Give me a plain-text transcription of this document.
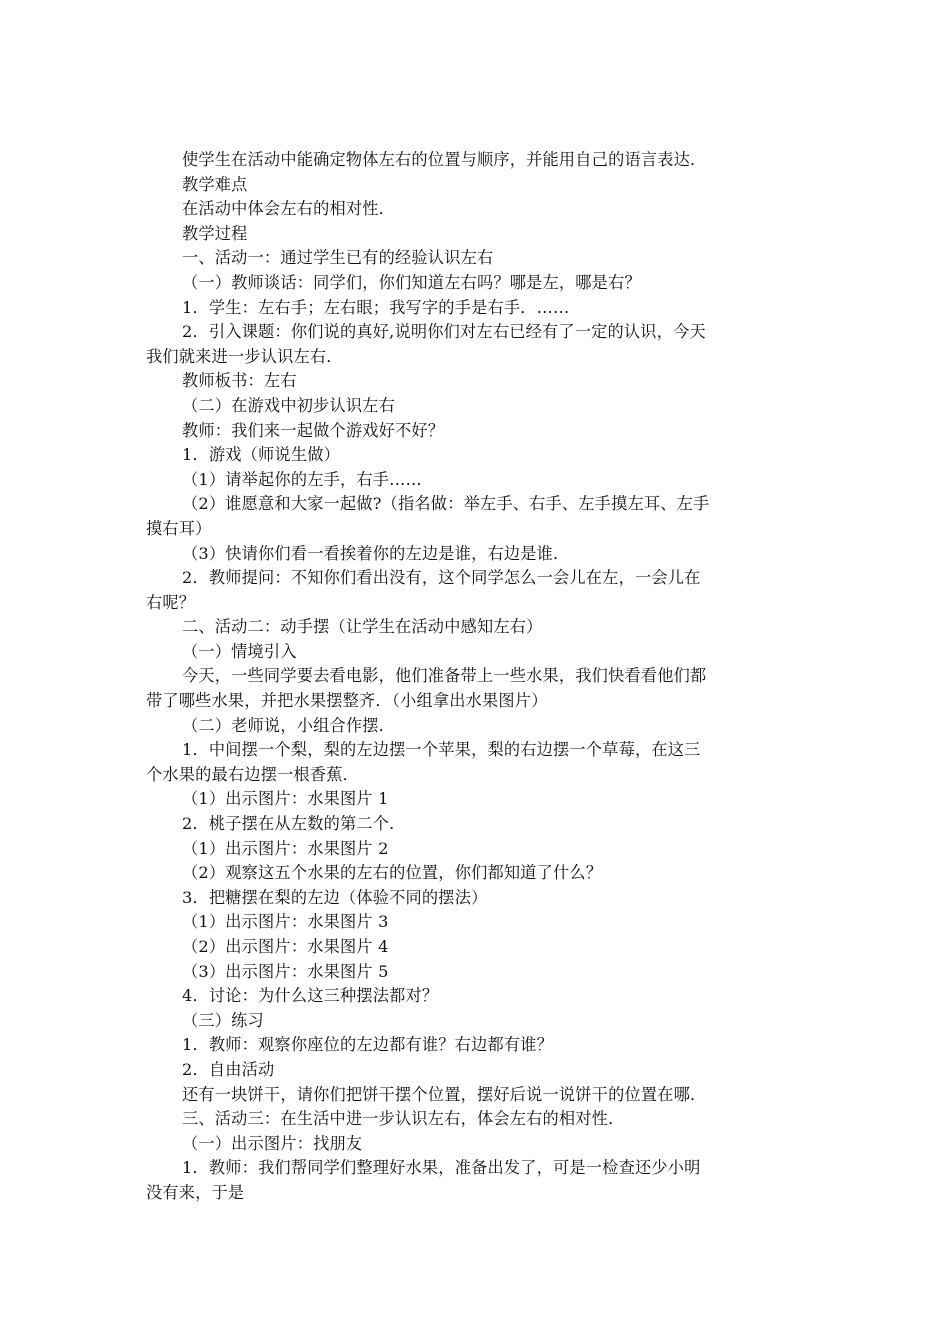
使学生在活动中能确定物体左右的位置与顺序，并能用自己的语言表达．
教学难点
在活动中体会左右的相对性．
教学过程
一、活动一：通过学生已有的经验认识左右
（一）教师谈话：同学们，你们知道左右吗？哪是左，哪是右？
1．学生：左右手；左右眼；我写字的手是右手．……
2．引入课题：你们说的真好,说明你们对左右已经有了一定的认识，今天
我们就来进一步认识左右．
教师板书：左右
（二）在游戏中初步认识左右
教师：我们来一起做个游戏好不好？
1．游戏（师说生做）
（1）请举起你的左手，右手……
（2）谁愿意和大家一起做?（指名做：举左手、右手、左手摸左耳、左手
摸右耳）
（3）快请你们看一看挨着你的左边是谁，右边是谁．
2．教师提问：不知你们看出没有，这个同学怎么一会儿在左，一会儿在
右呢？
二、活动二：动手摆（让学生在活动中感知左右）
（一）情境引入
今天，一些同学要去看电影，他们准备带上一些水果，我们快看看他们都
带了哪些水果，并把水果摆整齐．（小组拿出水果图片）
（二）老师说，小组合作摆．
1．中间摆一个梨，梨的左边摆一个苹果，梨的右边摆一个草莓，在这三
个水果的最右边摆一根香蕉．
（1）出示图片：水果图片 1
2．桃子摆在从左数的第二个．
（1）出示图片：水果图片 2
（2）观察这五个水果的左右的位置，你们都知道了什么？
3．把糖摆在梨的左边（体验不同的摆法）
（1）出示图片：水果图片 3
（2）出示图片：水果图片 4
（3）出示图片：水果图片 5
4．讨论：为什么这三种摆法都对？
（三）练习
1．教师：观察你座位的左边都有谁？右边都有谁？
2．自由活动
还有一块饼干，请你们把饼干摆个位置，摆好后说一说饼干的位置在哪．
三、活动三：在生活中进一步认识左右，体会左右的相对性．
（一）出示图片：找朋友
1．教师：我们帮同学们整理好水果，准备出发了，可是一检查还少小明
没有来，于是
